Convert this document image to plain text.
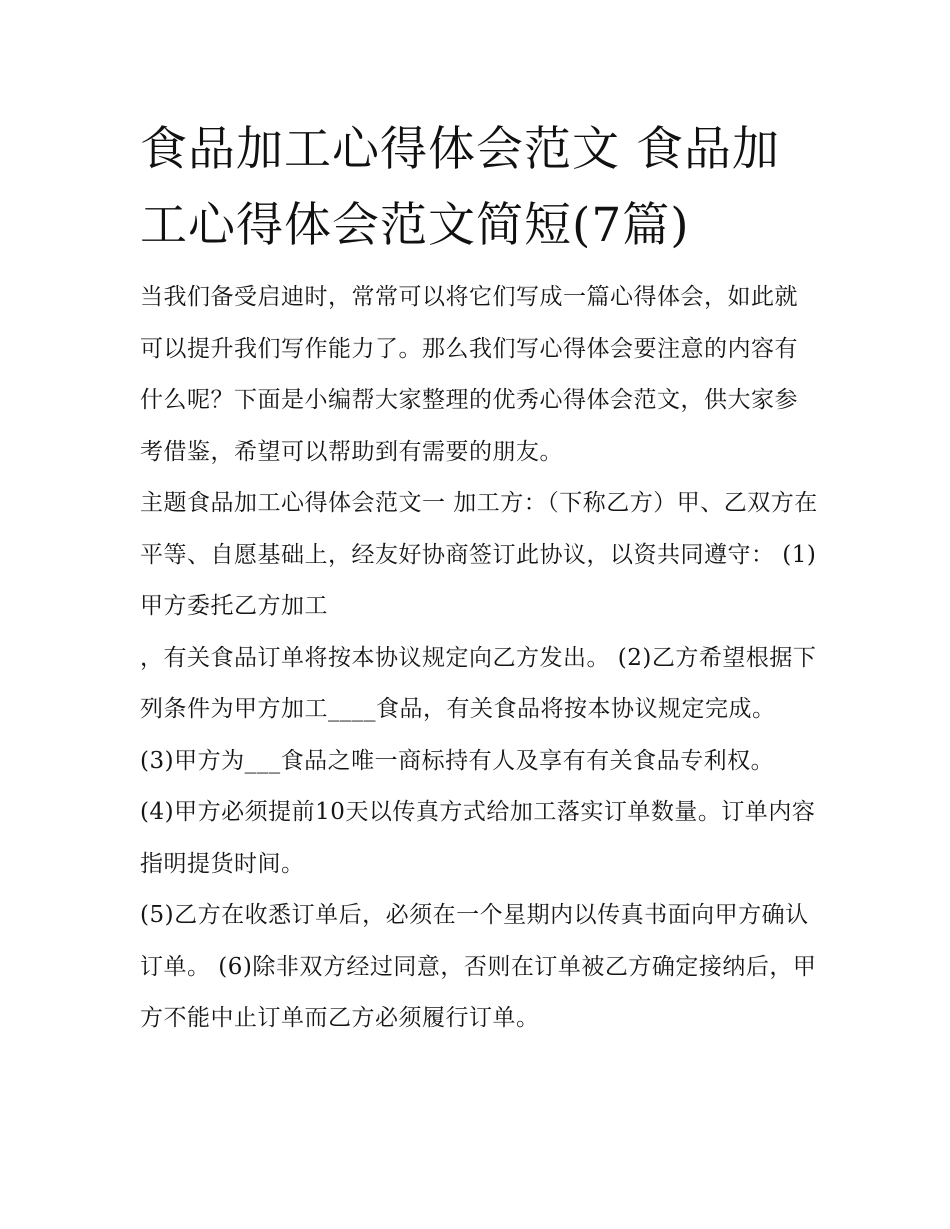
食品加工心得体会范文 食品加工心得体会范文简短(7篇)

当我们备受启迪时，常常可以将它们写成一篇心得体会，如此就可以提升我们写作能力了。那么我们写心得体会要注意的内容有什么呢？下面是小编帮大家整理的优秀心得体会范文，供大家参考借鉴，希望可以帮助到有需要的朋友。

主题食品加工心得体会范文一 加工方：（下称乙方）甲、乙双方在平等、自愿基础上，经友好协商签订此协议，以资共同遵守： (1)甲方委托乙方加工

，有关食品订单将按本协议规定向乙方发出。 (2)乙方希望根据下列条件为甲方加工____食品，有关食品将按本协议规定完成。

(3)甲方为___食品之唯一商标持有人及享有有关食品专利权。

(4)甲方必须提前10天以传真方式给加工落实订单数量。订单内容指明提货时间。

(5)乙方在收悉订单后，必须在一个星期内以传真书面向甲方确认订单。 (6)除非双方经过同意，否则在订单被乙方确定接纳后，甲方不能中止订单而乙方必须履行订单。
